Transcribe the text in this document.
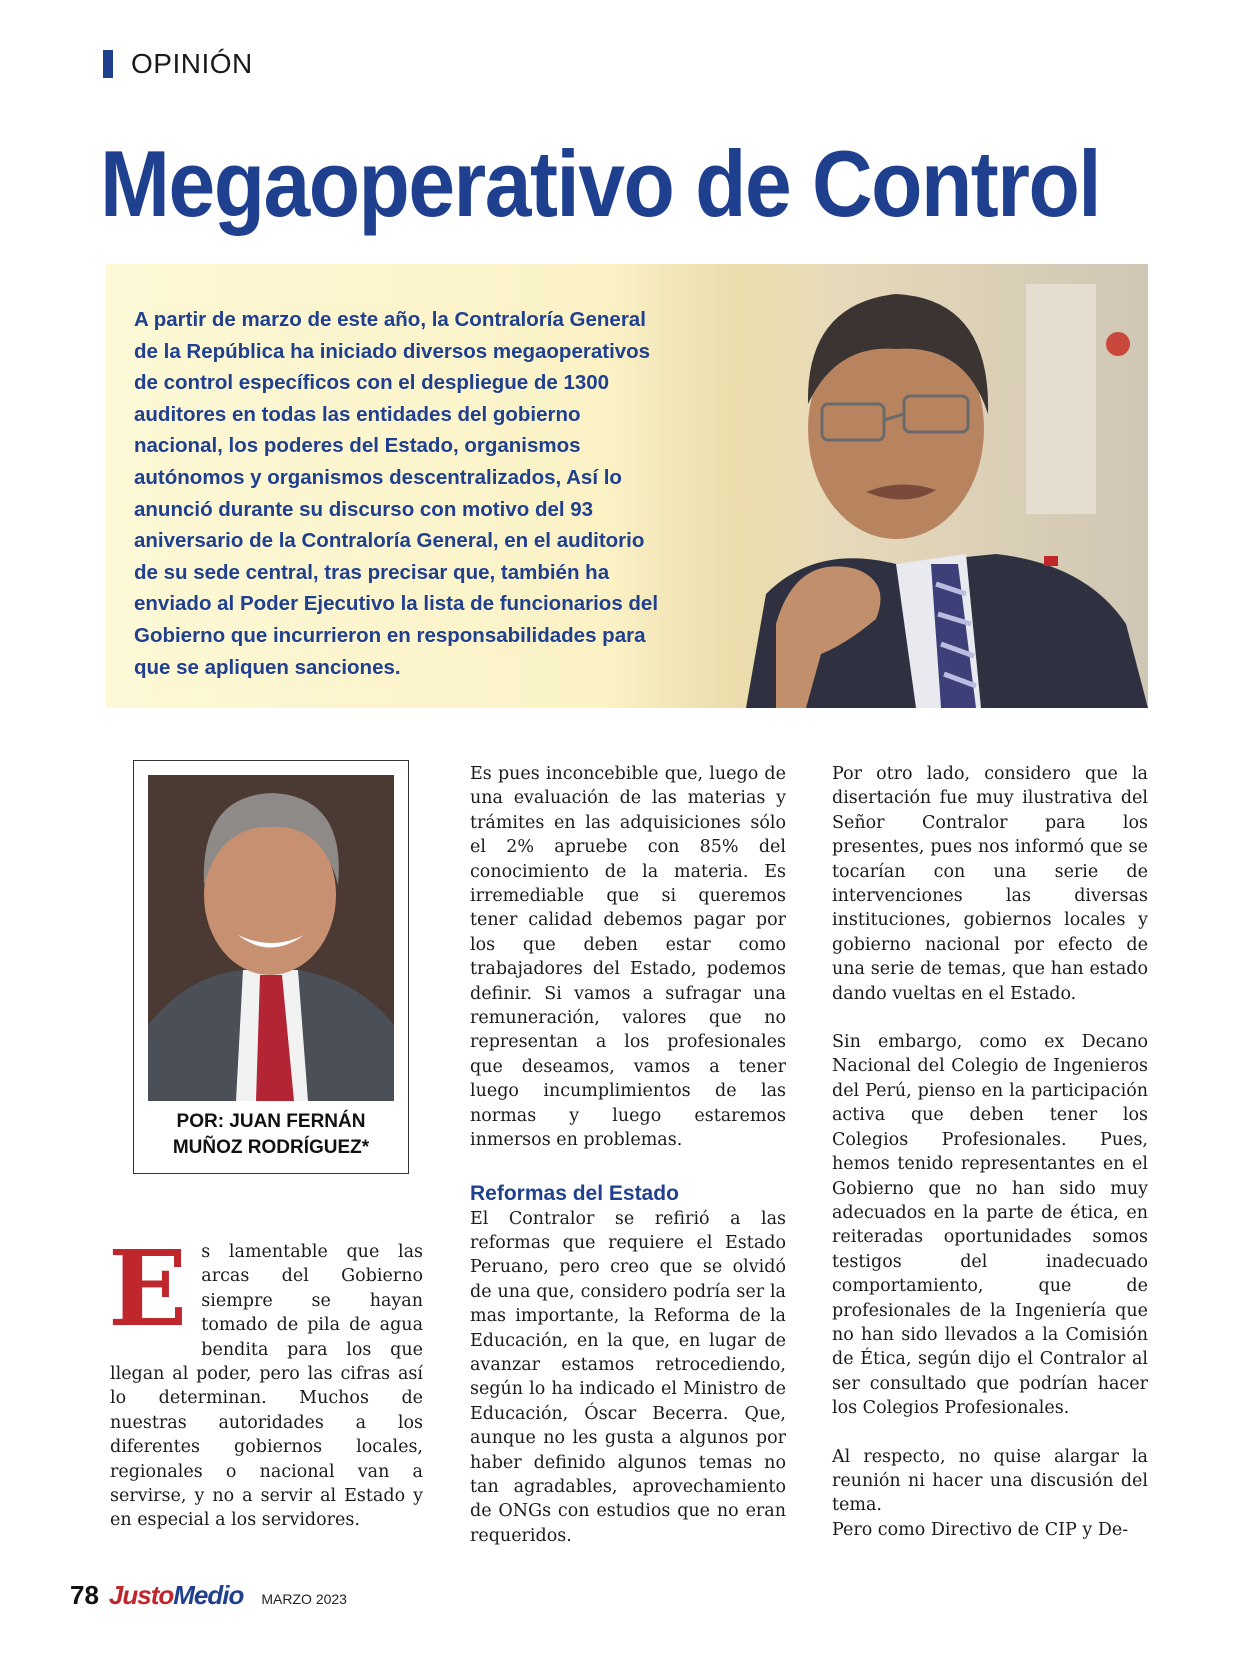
OPINIÓN
Megaoperativo de Control

A partir de marzo de este año, la Contraloría General de la República ha iniciado diversos megaoperativos de control específicos con el despliegue de 1300 auditores en todas las entidades del gobierno nacional, los poderes del Estado, organismos autónomos y organismos descentralizados, Así lo anunció durante su discurso con motivo del 93 aniversario de la Contraloría General, en el auditorio de su sede central, tras precisar que, también ha enviado al Poder Ejecutivo la lista de funcionarios del Gobierno que incurrieron en responsabilidades para que se apliquen sanciones.

POR: JUAN FERNÁN
MUÑOZ RODRÍGUEZ*
E s lamentable que las arcas del Gobierno siempre se hayan tomado de pila de agua bendita para los que llegan al poder, pero las cifras así lo determinan. Muchos de nuestras autoridades a los diferentes gobiernos locales, regionales o nacional van a servirse, y no a servir al Estado y en especial a los servidores.

Es pues inconcebible que, luego de una evaluación de las materias y trámites en las adquisiciones sólo el 2% apruebe con 85% del conocimiento de la materia. Es irremediable que si queremos tener calidad debemos pagar por los que deben estar como trabajadores del Estado, podemos definir. Si vamos a sufragar una remuneración, valores que no representan a los profesionales que deseamos, vamos a tener luego incumplimientos de las normas y luego estaremos inmersos en problemas.

Reformas del Estado

El Contralor se refirió a las reformas que requiere el Estado Peruano, pero creo que se olvidó de una que, considero podría ser la mas importante, la Reforma de la Educación, en la que, en lugar de avanzar estamos retrocediendo, según lo ha indicado el Ministro de Educación, Óscar Becerra. Que, aunque no les gusta a algunos por haber definido algunos temas no tan agradables, aprovechamiento de ONGs con estudios que no eran requeridos.

Por otro lado, considero que la disertación fue muy ilustrativa del Señor Contralor para los presentes, pues nos informó que se tocarían con una serie de intervenciones las diversas instituciones, gobiernos locales y gobierno nacional por efecto de una serie de temas, que han estado dando vueltas en el Estado.

Sin embargo, como ex Decano Nacional del Colegio de Ingenieros del Perú, pienso en la participación activa que deben tener los Colegios Profesionales. Pues, hemos tenido representantes en el Gobierno que no han sido muy adecuados en la parte de ética, en reiteradas oportunidades somos testigos del inadecuado comportamiento, que de profesionales de la Ingeniería que no han sido llevados a la Comisión de Ética, según dijo el Contralor al ser consultado que podrían hacer los Colegios Profesionales.

Al respecto, no quise alargar la reunión ni hacer una discusión del tema.

Pero como Directivo de CIP y De-

78 JustoMedio MARZO 2023
